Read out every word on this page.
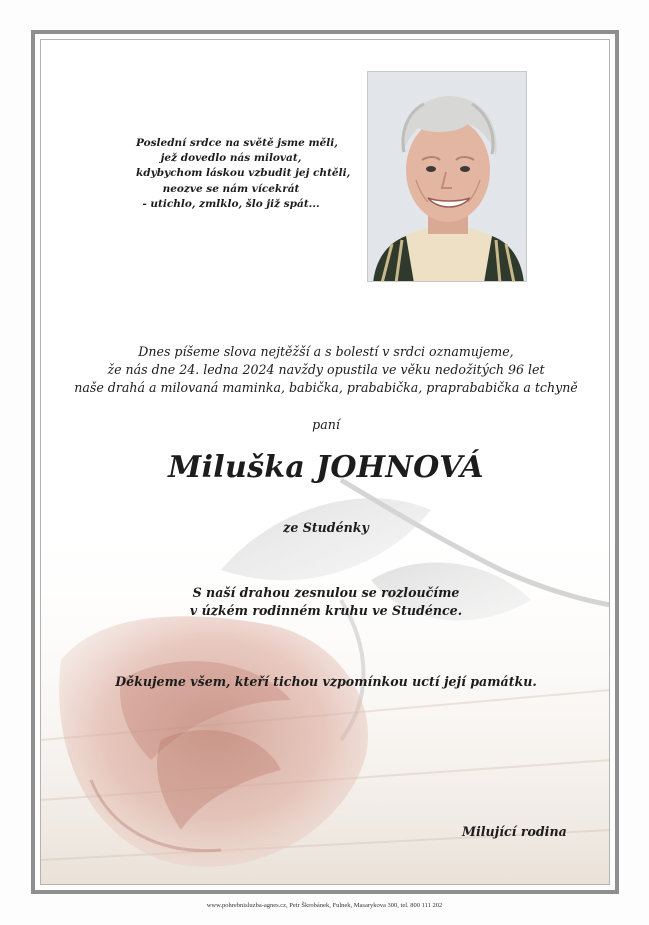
Poslední srdce na světě jsme měli,
jež dovedlo nás milovat,
kdybychom láskou vzbudit jej chtěli,
neozve se nám vícekrát
- utichlo, zmlklo, šlo již spát...
Dnes píšeme slova nejtěžší a s bolestí v srdci oznamujeme,
že nás dne 24. ledna 2024 navždy opustila ve věku nedožitých 96 let
naše drahá a milovaná maminka, babička, prababička, praprababička a tchyně
paní
Miluška JOHNOVÁ
ze Studénky
S naší drahou zesnulou se rozloučíme
v úzkém rodinném kruhu ve Studénce.
Děkujeme všem, kteří tichou vzpomínkou uctí její památku.
Milující rodina
www.pohrebnisluzba-agnes.cz, Petr Škrobánek, Fulnek, Masarykova 300, tel. 800 111 202
